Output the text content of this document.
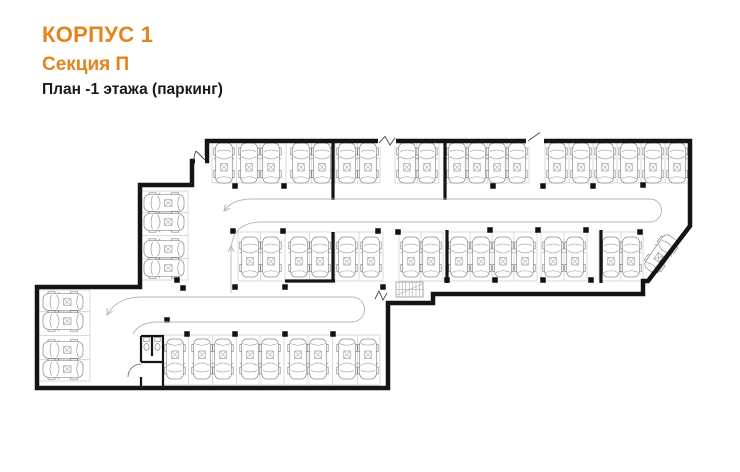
КОРПУС 1
Секция П
План -1 этажа (паркинг)
